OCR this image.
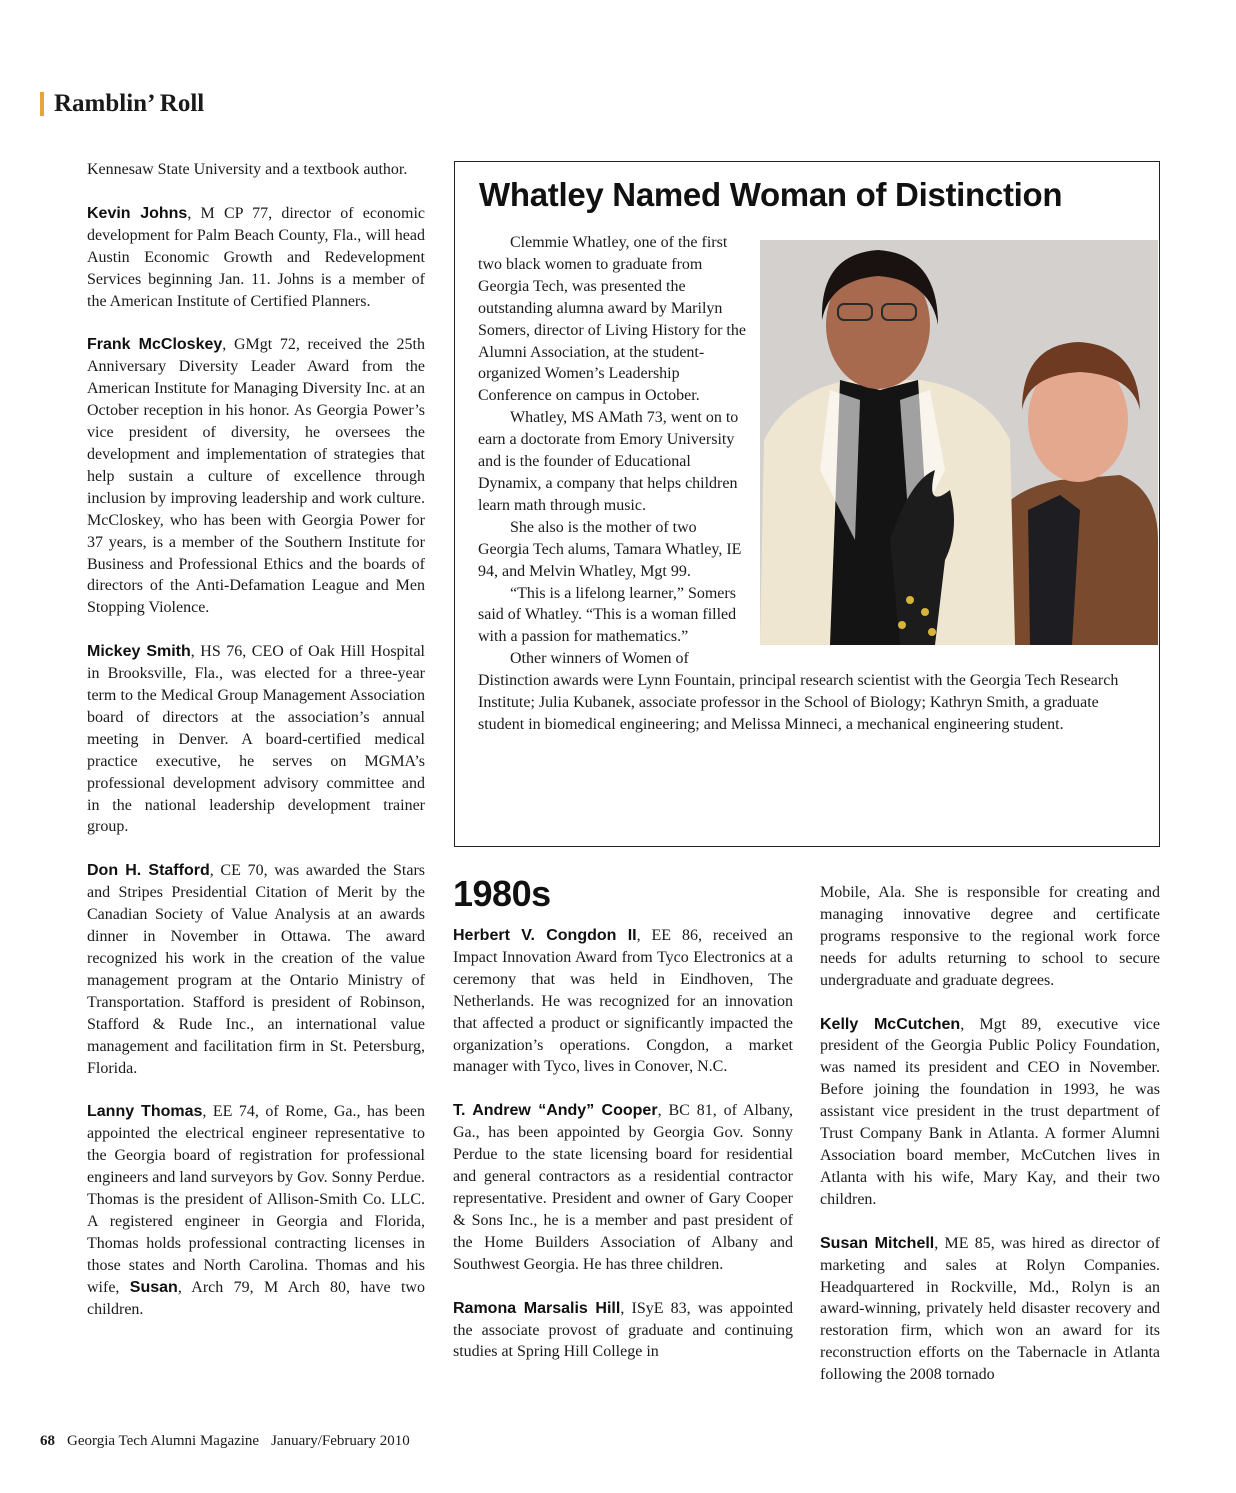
Ramblin’ Roll

Kennesaw State University and a textbook author.

Kevin Johns, M CP 77, director of economic development for Palm Beach County, Fla., will head Austin Economic Growth and Redevelopment Services beginning Jan. 11. Johns is a member of the American Institute of Certified Planners.

Frank McCloskey, GMgt 72, received the 25th Anniversary Diversity Leader Award from the American Institute for Managing Diversity Inc. at an October reception in his honor. As Georgia Power’s vice president of diversity, he oversees the development and implementation of strategies that help sustain a culture of excellence through inclusion by improving leadership and work culture. McCloskey, who has been with Georgia Power for 37 years, is a member of the Southern Institute for Business and Professional Ethics and the boards of directors of the Anti-Defamation League and Men Stopping Violence.

Mickey Smith, HS 76, CEO of Oak Hill Hospital in Brooksville, Fla., was elected for a three-year term to the Medical Group Management Association board of directors at the association’s annual meeting in Denver. A board-certified medical practice executive, he serves on MGMA’s professional development advisory committee and in the national leadership development trainer group.

Don H. Stafford, CE 70, was awarded the Stars and Stripes Presidential Citation of Merit by the Canadian Society of Value Analysis at an awards dinner in November in Ottawa. The award recognized his work in the creation of the value management program at the Ontario Ministry of Transportation. Stafford is president of Robinson, Stafford & Rude Inc., an international value management and facilitation firm in St. Petersburg, Florida.

Lanny Thomas, EE 74, of Rome, Ga., has been appointed the electrical engineer representative to the Georgia board of registration for professional engineers and land surveyors by Gov. Sonny Perdue. Thomas is the president of Allison-Smith Co. LLC. A registered engineer in Georgia and Florida, Thomas holds professional contracting licenses in those states and North Carolina. Thomas and his wife, Susan, Arch 79, M Arch 80, have two children.

Whatley Named Woman of Distinction

Clemmie Whatley, one of the first two black women to graduate from Georgia Tech, was presented the outstanding alumna award by Marilyn Somers, director of Living History for the Alumni Association, at the student-organized Women’s Leadership Conference on campus in October.

Whatley, MS AMath 73, went on to earn a doctorate from Emory University and is the founder of Educational Dynamix, a company that helps children learn math through music.

She also is the mother of two Georgia Tech alums, Tamara Whatley, IE 94, and Melvin Whatley, Mgt 99.

“This is a lifelong learner,” Somers said of Whatley. “This is a woman filled with a passion for mathematics.”

Other winners of Women of Distinction awards were Lynn Fountain, principal research scientist with the Georgia Tech Research Institute; Julia Kubanek, associate professor in the School of Biology; Kathryn Smith, a graduate student in biomedical engineering; and Melissa Minneci, a mechanical engineering student.

1980s

Herbert V. Congdon II, EE 86, received an Impact Innovation Award from Tyco Electronics at a ceremony that was held in Eindhoven, The Netherlands. He was recognized for an innovation that affected a product or significantly impacted the organization’s operations. Congdon, a market manager with Tyco, lives in Conover, N.C.

T. Andrew “Andy” Cooper, BC 81, of Albany, Ga., has been appointed by Georgia Gov. Sonny Perdue to the state licensing board for residential and general contractors as a residential contractor representative. President and owner of Gary Cooper & Sons Inc., he is a member and past president of the Home Builders Association of Albany and Southwest Georgia. He has three children.

Ramona Marsalis Hill, ISyE 83, was appointed the associate provost of graduate and continuing studies at Spring Hill College in

Mobile, Ala. She is responsible for creating and managing innovative degree and certificate programs responsive to the regional work force needs for adults returning to school to secure undergraduate and graduate degrees.

Kelly McCutchen, Mgt 89, executive vice president of the Georgia Public Policy Foundation, was named its president and CEO in November. Before joining the foundation in 1993, he was assistant vice president in the trust department of Trust Company Bank in Atlanta. A former Alumni Association board member, McCutchen lives in Atlanta with his wife, Mary Kay, and their two children.

Susan Mitchell, ME 85, was hired as director of marketing and sales at Rolyn Companies. Headquartered in Rockville, Md., Rolyn is an award-winning, privately held disaster recovery and restoration firm, which won an award for its reconstruction efforts on the Tabernacle in Atlanta following the 2008 tornado

68 Georgia Tech Alumni Magazine January/February 2010
